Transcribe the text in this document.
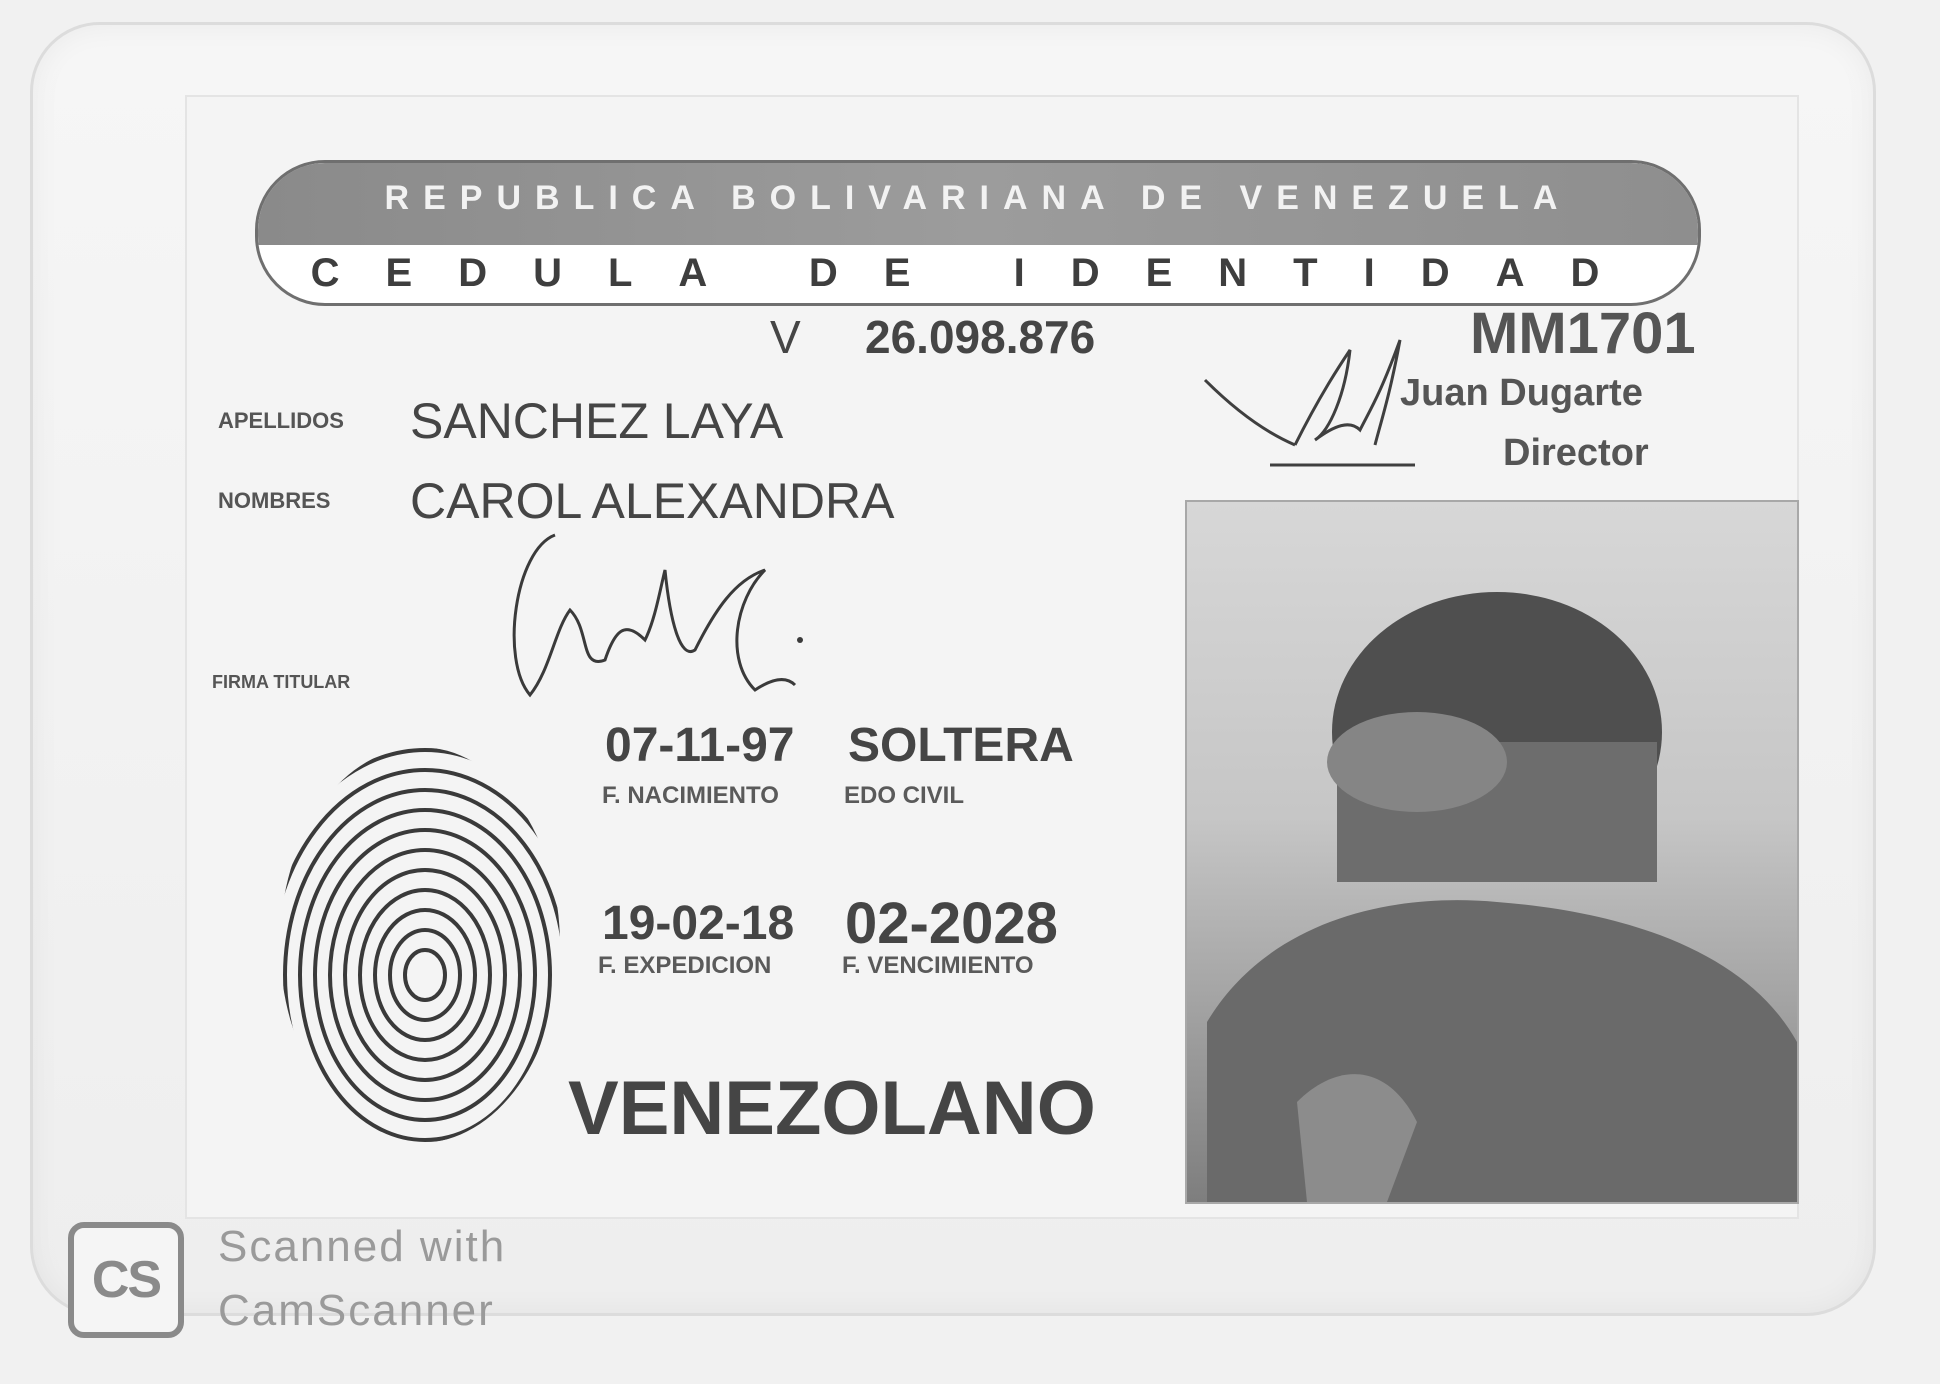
REPUBLICA BOLIVARIANA DE VENEZUELA
CEDULA DE IDENTIDAD
V 26.098.876	MM1701
Juan Dugarte
Director
APELLIDOS SANCHEZ LAYA
NOMBRES CAROL ALEXANDRA
FIRMA TITULAR
07-11-97 SOLTERA
F. NACIMIENTO	EDO CIVIL
19-02-18 02-2028
F. EXPEDICION	F. VENCIMIENTO
VENEZOLANO
CS
Scanned with
CamScanner
